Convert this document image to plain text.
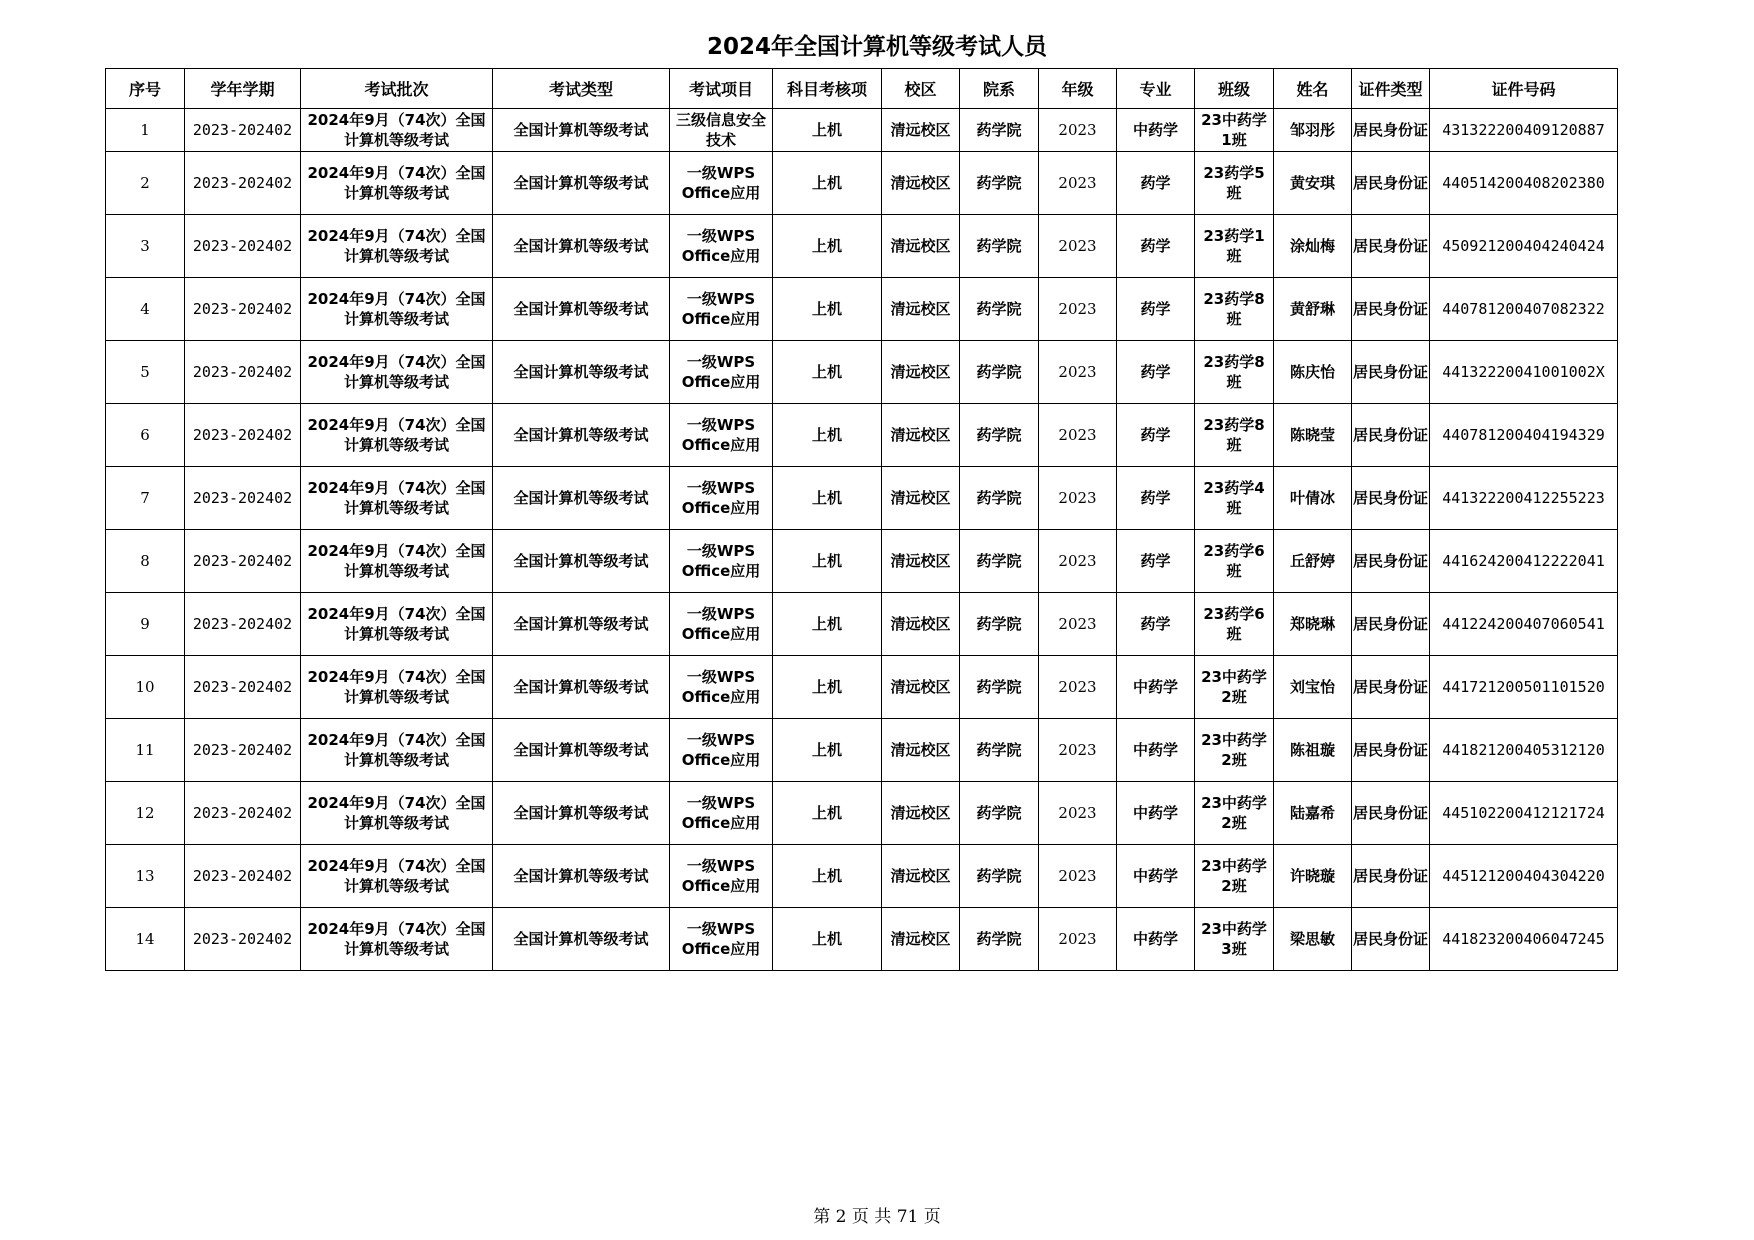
2024年全国计算机等级考试人员
序号	学年学期	考试批次	考试类型	考试项目	科目考核项	校区	院系	年级	专业	班级	姓名	证件类型	证件号码
1	2023-202402	2024年9月（74次）全国计算机等级考试	全国计算机等级考试	三级信息安全技术	上机	清远校区	药学院	2023	中药学	23中药学1班	邹羽彤	居民身份证	431322200409120887
2	2023-202402	2024年9月（74次）全国计算机等级考试	全国计算机等级考试	一级WPS Office应用	上机	清远校区	药学院	2023	药学	23药学5班	黄安琪	居民身份证	440514200408202380
3	2023-202402	2024年9月（74次）全国计算机等级考试	全国计算机等级考试	一级WPS Office应用	上机	清远校区	药学院	2023	药学	23药学1班	涂灿梅	居民身份证	450921200404240424
4	2023-202402	2024年9月（74次）全国计算机等级考试	全国计算机等级考试	一级WPS Office应用	上机	清远校区	药学院	2023	药学	23药学8班	黄舒琳	居民身份证	440781200407082322
5	2023-202402	2024年9月（74次）全国计算机等级考试	全国计算机等级考试	一级WPS Office应用	上机	清远校区	药学院	2023	药学	23药学8班	陈庆怡	居民身份证	44132220041001002X
6	2023-202402	2024年9月（74次）全国计算机等级考试	全国计算机等级考试	一级WPS Office应用	上机	清远校区	药学院	2023	药学	23药学8班	陈晓莹	居民身份证	440781200404194329
7	2023-202402	2024年9月（74次）全国计算机等级考试	全国计算机等级考试	一级WPS Office应用	上机	清远校区	药学院	2023	药学	23药学4班	叶倩冰	居民身份证	441322200412255223
8	2023-202402	2024年9月（74次）全国计算机等级考试	全国计算机等级考试	一级WPS Office应用	上机	清远校区	药学院	2023	药学	23药学6班	丘舒婷	居民身份证	441624200412222041
9	2023-202402	2024年9月（74次）全国计算机等级考试	全国计算机等级考试	一级WPS Office应用	上机	清远校区	药学院	2023	药学	23药学6班	郑晓琳	居民身份证	441224200407060541
10	2023-202402	2024年9月（74次）全国计算机等级考试	全国计算机等级考试	一级WPS Office应用	上机	清远校区	药学院	2023	中药学	23中药学2班	刘宝怡	居民身份证	441721200501101520
11	2023-202402	2024年9月（74次）全国计算机等级考试	全国计算机等级考试	一级WPS Office应用	上机	清远校区	药学院	2023	中药学	23中药学2班	陈祖璇	居民身份证	441821200405312120
12	2023-202402	2024年9月（74次）全国计算机等级考试	全国计算机等级考试	一级WPS Office应用	上机	清远校区	药学院	2023	中药学	23中药学2班	陆嘉希	居民身份证	445102200412121724
13	2023-202402	2024年9月（74次）全国计算机等级考试	全国计算机等级考试	一级WPS Office应用	上机	清远校区	药学院	2023	中药学	23中药学2班	许晓璇	居民身份证	445121200404304220
14	2023-202402	2024年9月（74次）全国计算机等级考试	全国计算机等级考试	一级WPS Office应用	上机	清远校区	药学院	2023	中药学	23中药学3班	梁思敏	居民身份证	441823200406047245
第 2 页 共 71 页
